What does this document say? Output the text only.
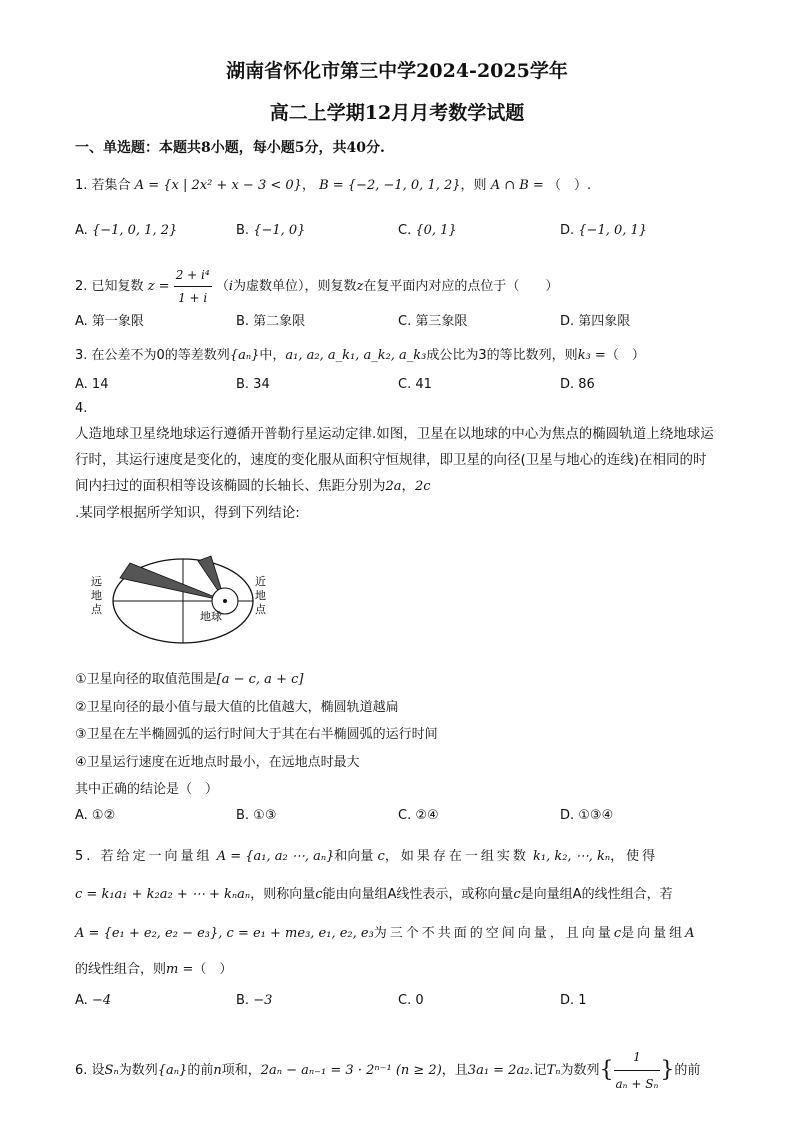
湖南省怀化市第三中学2024-2025学年
高二上学期12月月考数学试题
一、单选题：本题共8小题，每小题5分，共40分.
1. 若集合 A = {x | 2x² + x − 3 < 0}， B = {−2, −1, 0, 1, 2}，则 A ∩ B = （　）.
A. {−1, 0, 1, 2}	B. {−1, 0}	C. {0, 1}	D. {−1, 0, 1}
2. 已知复数 $z = \frac{\text{2 + i⁴}}{1 + i} (i$为虚数单位），则复数z在复平面内对应的点位于（　　）
A. 第一象限	B. 第二象限	C. 第三象限	D. 第四象限
3. 在公差不为0的等差数列{aₙ}中，a₁, a₂, a_k₁, a_k₂, a_k₃成公比为3的等比数列，则k₃ =（　）
A. 14	B. 34	C. 41	D. 86
4.
人造地球卫星绕地球运行遵循开普勒行星运动定律.如图，卫星在以地球的中心为焦点的椭圆轨道上绕地球运行时，其运行速度是变化的，速度的变化服从面积守恒规律，即卫星的向径(卫星与地心的连线)在相同的时间内扫过的面积相等设该椭圆的长轴长、焦距分别为2a，2c
.某同学根据所学知识，得到下列结论:
远
地
点
近
地
点
地球
①卫星向径的取值范围是[a − c, a + c]
②卫星向径的最小值与最大值的比值越大，椭圆轨道越扁
③卫星在左半椭圆弧的运行时间大于其在右半椭圆弧的运行时间
④卫星运行速度在近地点时最小，在远地点时最大
其中正确的结论是（　）
A. ①②	B. ①③	C. ②④	D. ①③④
5. 若给定一向量组 A = {a₁, a₂ ⋯, aₙ}和向量 c，如果存在一组实数 k₁, k₂, ⋯, kₙ，使得
c = k₁a₁ + k₂a₂ + ⋯ + kₙaₙ，则称向量c能由向量组A线性表示，或称向量c是向量组A的线性组合，若
A = {e₁ + e₂, e₂ − e₃}, c = e₁ + me₃, e₁, e₂, e₃为三个不共面的空间向量，且向量c是向量组A
的线性组合，则m =（　）
A. −4	B. −3	C. 0	D. 1
6. 设Sₙ为数列{aₙ}的前n项和，2aₙ − aₙ₋₁ = 3 · 2ⁿ⁻¹ (n ≥ 2)，且3a₁ = 2a₂.记Tₙ为数列{ $\frac{1}{\text{aₙ + Sₙ}}$ }的前
